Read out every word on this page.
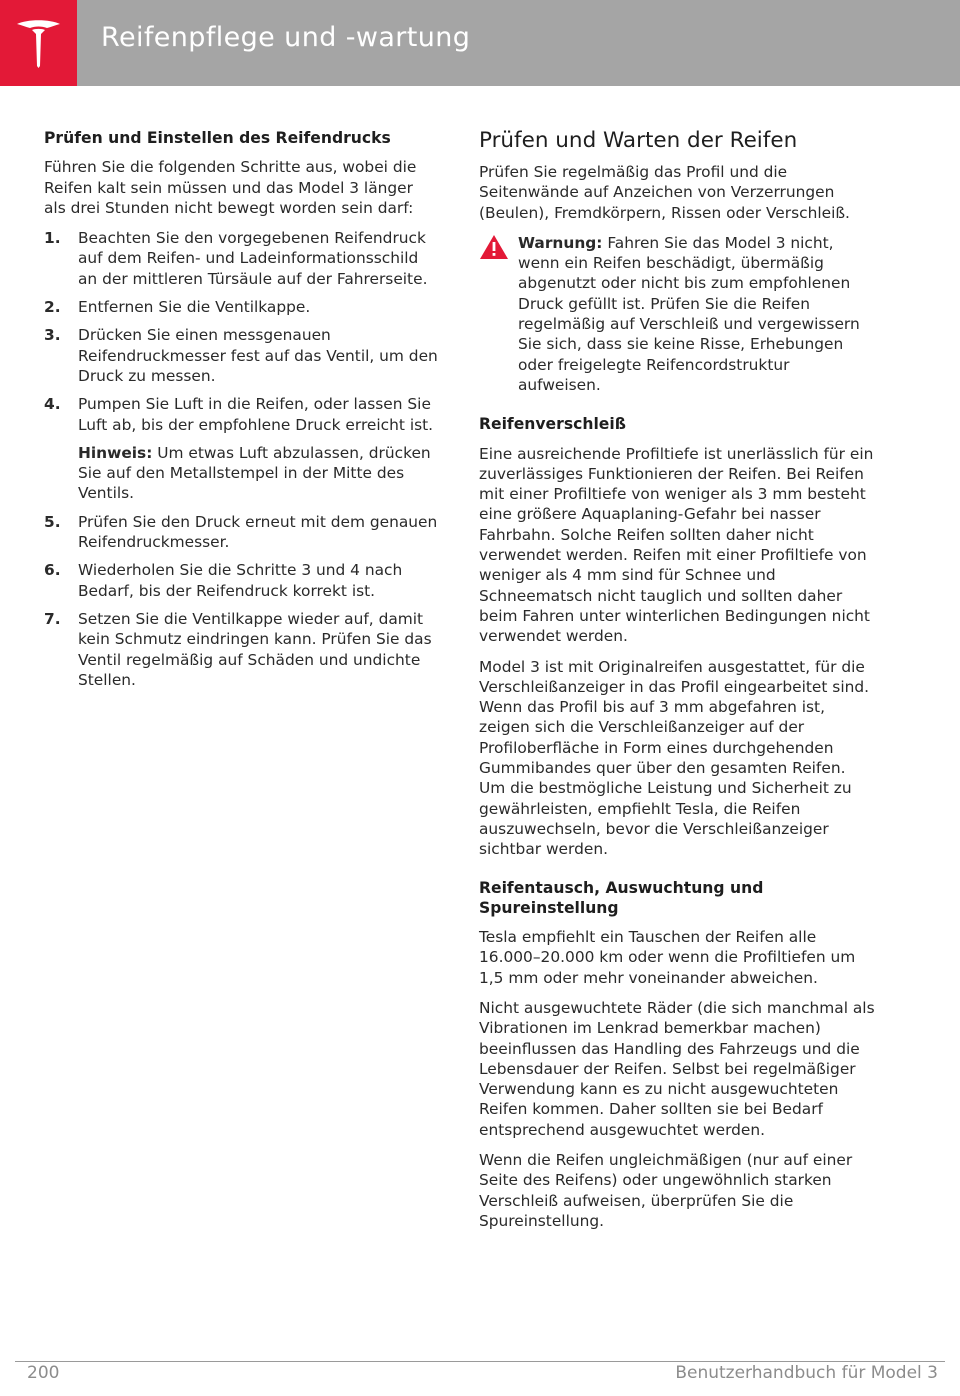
Reifenpflege und -wartung
Prüfen und Einstellen des Reifendrucks

Führen Sie die folgenden Schritte aus, wobei die Reifen kalt sein müssen und das Model 3 länger als drei Stunden nicht bewegt worden sein darf:

1. Beachten Sie den vorgegebenen Reifendruck auf dem Reifen- und Ladeinformationsschild an der mittleren Türsäule auf der Fahrerseite.
2. Entfernen Sie die Ventilkappe.
3. Drücken Sie einen messgenauen Reifendruckmesser fest auf das Ventil, um den Druck zu messen.
4. Pumpen Sie Luft in die Reifen, oder lassen Sie Luft ab, bis der empfohlene Druck erreicht ist.
Hinweis: Um etwas Luft abzulassen, drücken Sie auf den Metallstempel in der Mitte des Ventils.
5. Prüfen Sie den Druck erneut mit dem genauen Reifendruckmesser.
6. Wiederholen Sie die Schritte 3 und 4 nach Bedarf, bis der Reifendruck korrekt ist.
7. Setzen Sie die Ventilkappe wieder auf, damit kein Schmutz eindringen kann. Prüfen Sie das Ventil regelmäßig auf Schäden und undichte Stellen.
Prüfen und Warten der Reifen

Prüfen Sie regelmäßig das Profil und die Seitenwände auf Anzeichen von Verzerrungen (Beulen), Fremdkörpern, Rissen oder Verschleiß.

Warnung: Fahren Sie das Model 3 nicht, wenn ein Reifen beschädigt, übermäßig abgenutzt oder nicht bis zum empfohlenen Druck gefüllt ist. Prüfen Sie die Reifen regelmäßig auf Verschleiß und vergewissern Sie sich, dass sie keine Risse, Erhebungen oder freigelegte Reifencordstruktur aufweisen.
Reifenverschleiß

Eine ausreichende Profiltiefe ist unerlässlich für ein zuverlässiges Funktionieren der Reifen. Bei Reifen mit einer Profiltiefe von weniger als 3 mm besteht eine größere Aquaplaning-Gefahr bei nasser Fahrbahn. Solche Reifen sollten daher nicht verwendet werden. Reifen mit einer Profiltiefe von weniger als 4 mm sind für Schnee und Schneematsch nicht tauglich und sollten daher beim Fahren unter winterlichen Bedingungen nicht verwendet werden.

Model 3 ist mit Originalreifen ausgestattet, für die Verschleißanzeiger in das Profil eingearbeitet sind. Wenn das Profil bis auf 3 mm abgefahren ist, zeigen sich die Verschleißanzeiger auf der Profiloberfläche in Form eines durchgehenden Gummibandes quer über den gesamten Reifen. Um die bestmögliche Leistung und Sicherheit zu gewährleisten, empfiehlt Tesla, die Reifen auszuwechseln, bevor die Verschleißanzeiger sichtbar werden.

Reifentausch, Auswuchtung und Spureinstellung

Tesla empfiehlt ein Tauschen der Reifen alle 16.000–20.000 km oder wenn die Profiltiefen um 1,5 mm oder mehr voneinander abweichen.

Nicht ausgewuchtete Räder (die sich manchmal als Vibrationen im Lenkrad bemerkbar machen) beeinflussen das Handling des Fahrzeugs und die Lebensdauer der Reifen. Selbst bei regelmäßiger Verwendung kann es zu nicht ausgewuchteten Reifen kommen. Daher sollten sie bei Bedarf entsprechend ausgewuchtet werden.

Wenn die Reifen ungleichmäßigen (nur auf einer Seite des Reifens) oder ungewöhnlich starken Verschleiß aufweisen, überprüfen Sie die Spureinstellung.

200	Benutzerhandbuch für Model 3
